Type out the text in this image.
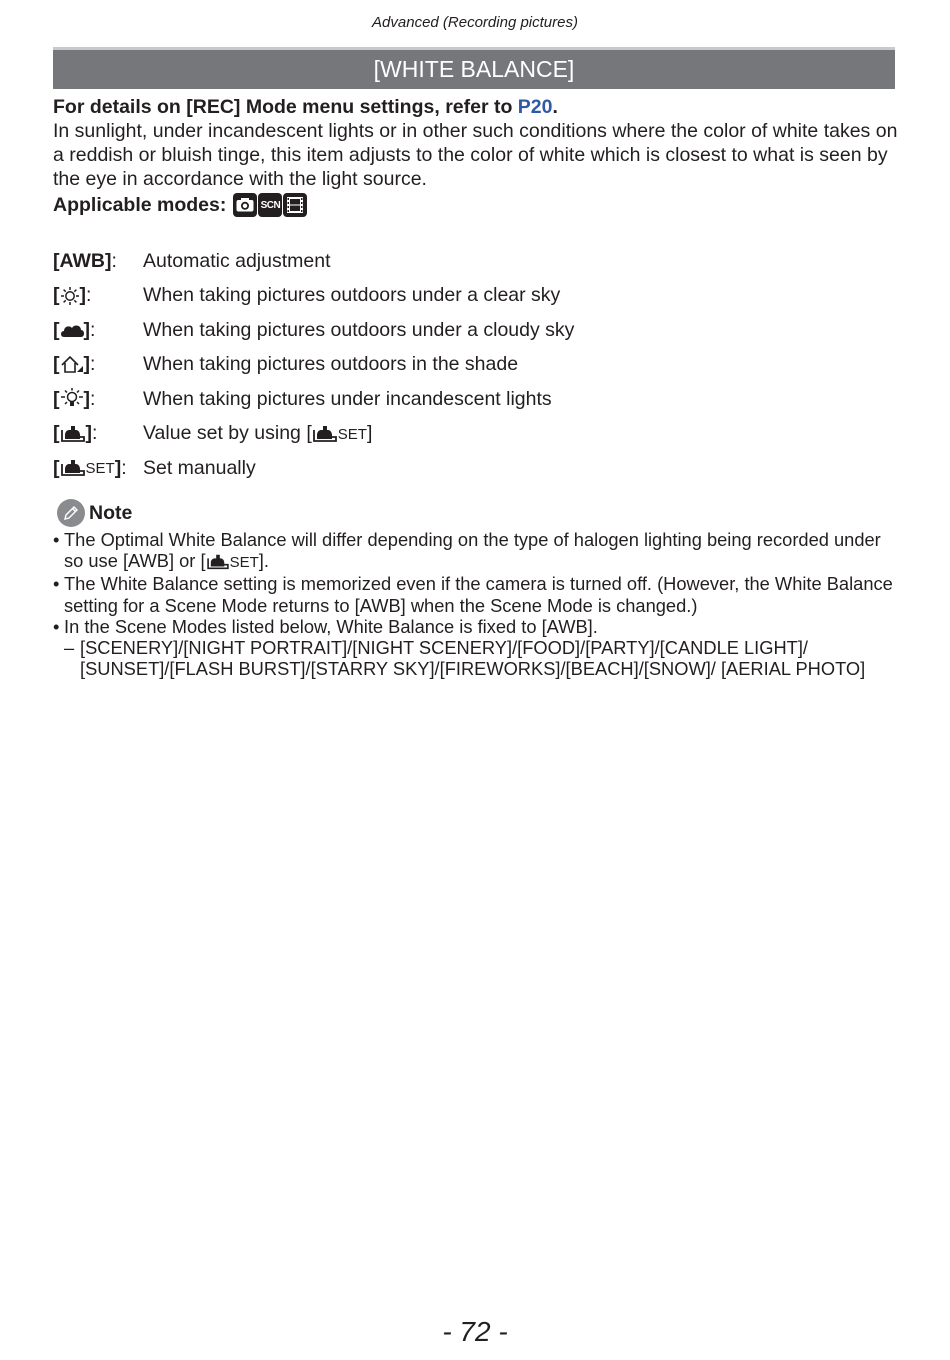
Advanced (Recording pictures)
[WHITE BALANCE]

For details on [REC] Mode menu settings, refer to P20.

In sunlight, under incandescent lights or in other such conditions where the color of white takes on a reddish or bluish tinge, this item adjusts to the color of white which is closest to what is seen by the eye in accordance with the light source.

Applicable modes:	SCN
[ AWB ] :	Automatic adjustment
[ ] :	When taking pictures outdoors under a clear sky
[ ] :	When taking pictures outdoors under a cloudy sky
[ ] :	When taking pictures outdoors in the shade
[ ] :	When taking pictures under incandescent lights
[ ] :	Value set by using [ SET]
[ SET ] : Set manually
Note
• The Optimal White Balance will differ depending on the type of halogen lighting being recorded under so use [AWB] or [ SET].
• The White Balance setting is memorized even if the camera is turned off. (However, the White Balance setting for a Scene Mode returns to [AWB] when the Scene Mode is changed.)
• In the Scene Modes listed below, White Balance is fixed to [AWB].
– [SCENERY]/[NIGHT PORTRAIT]/[NIGHT SCENERY]/[FOOD]/[PARTY]/[CANDLE LIGHT]/ [SUNSET]/[FLASH BURST]/[STARRY SKY]/[FIREWORKS]/[BEACH]/[SNOW]/ [AERIAL PHOTO]
- 72 -
